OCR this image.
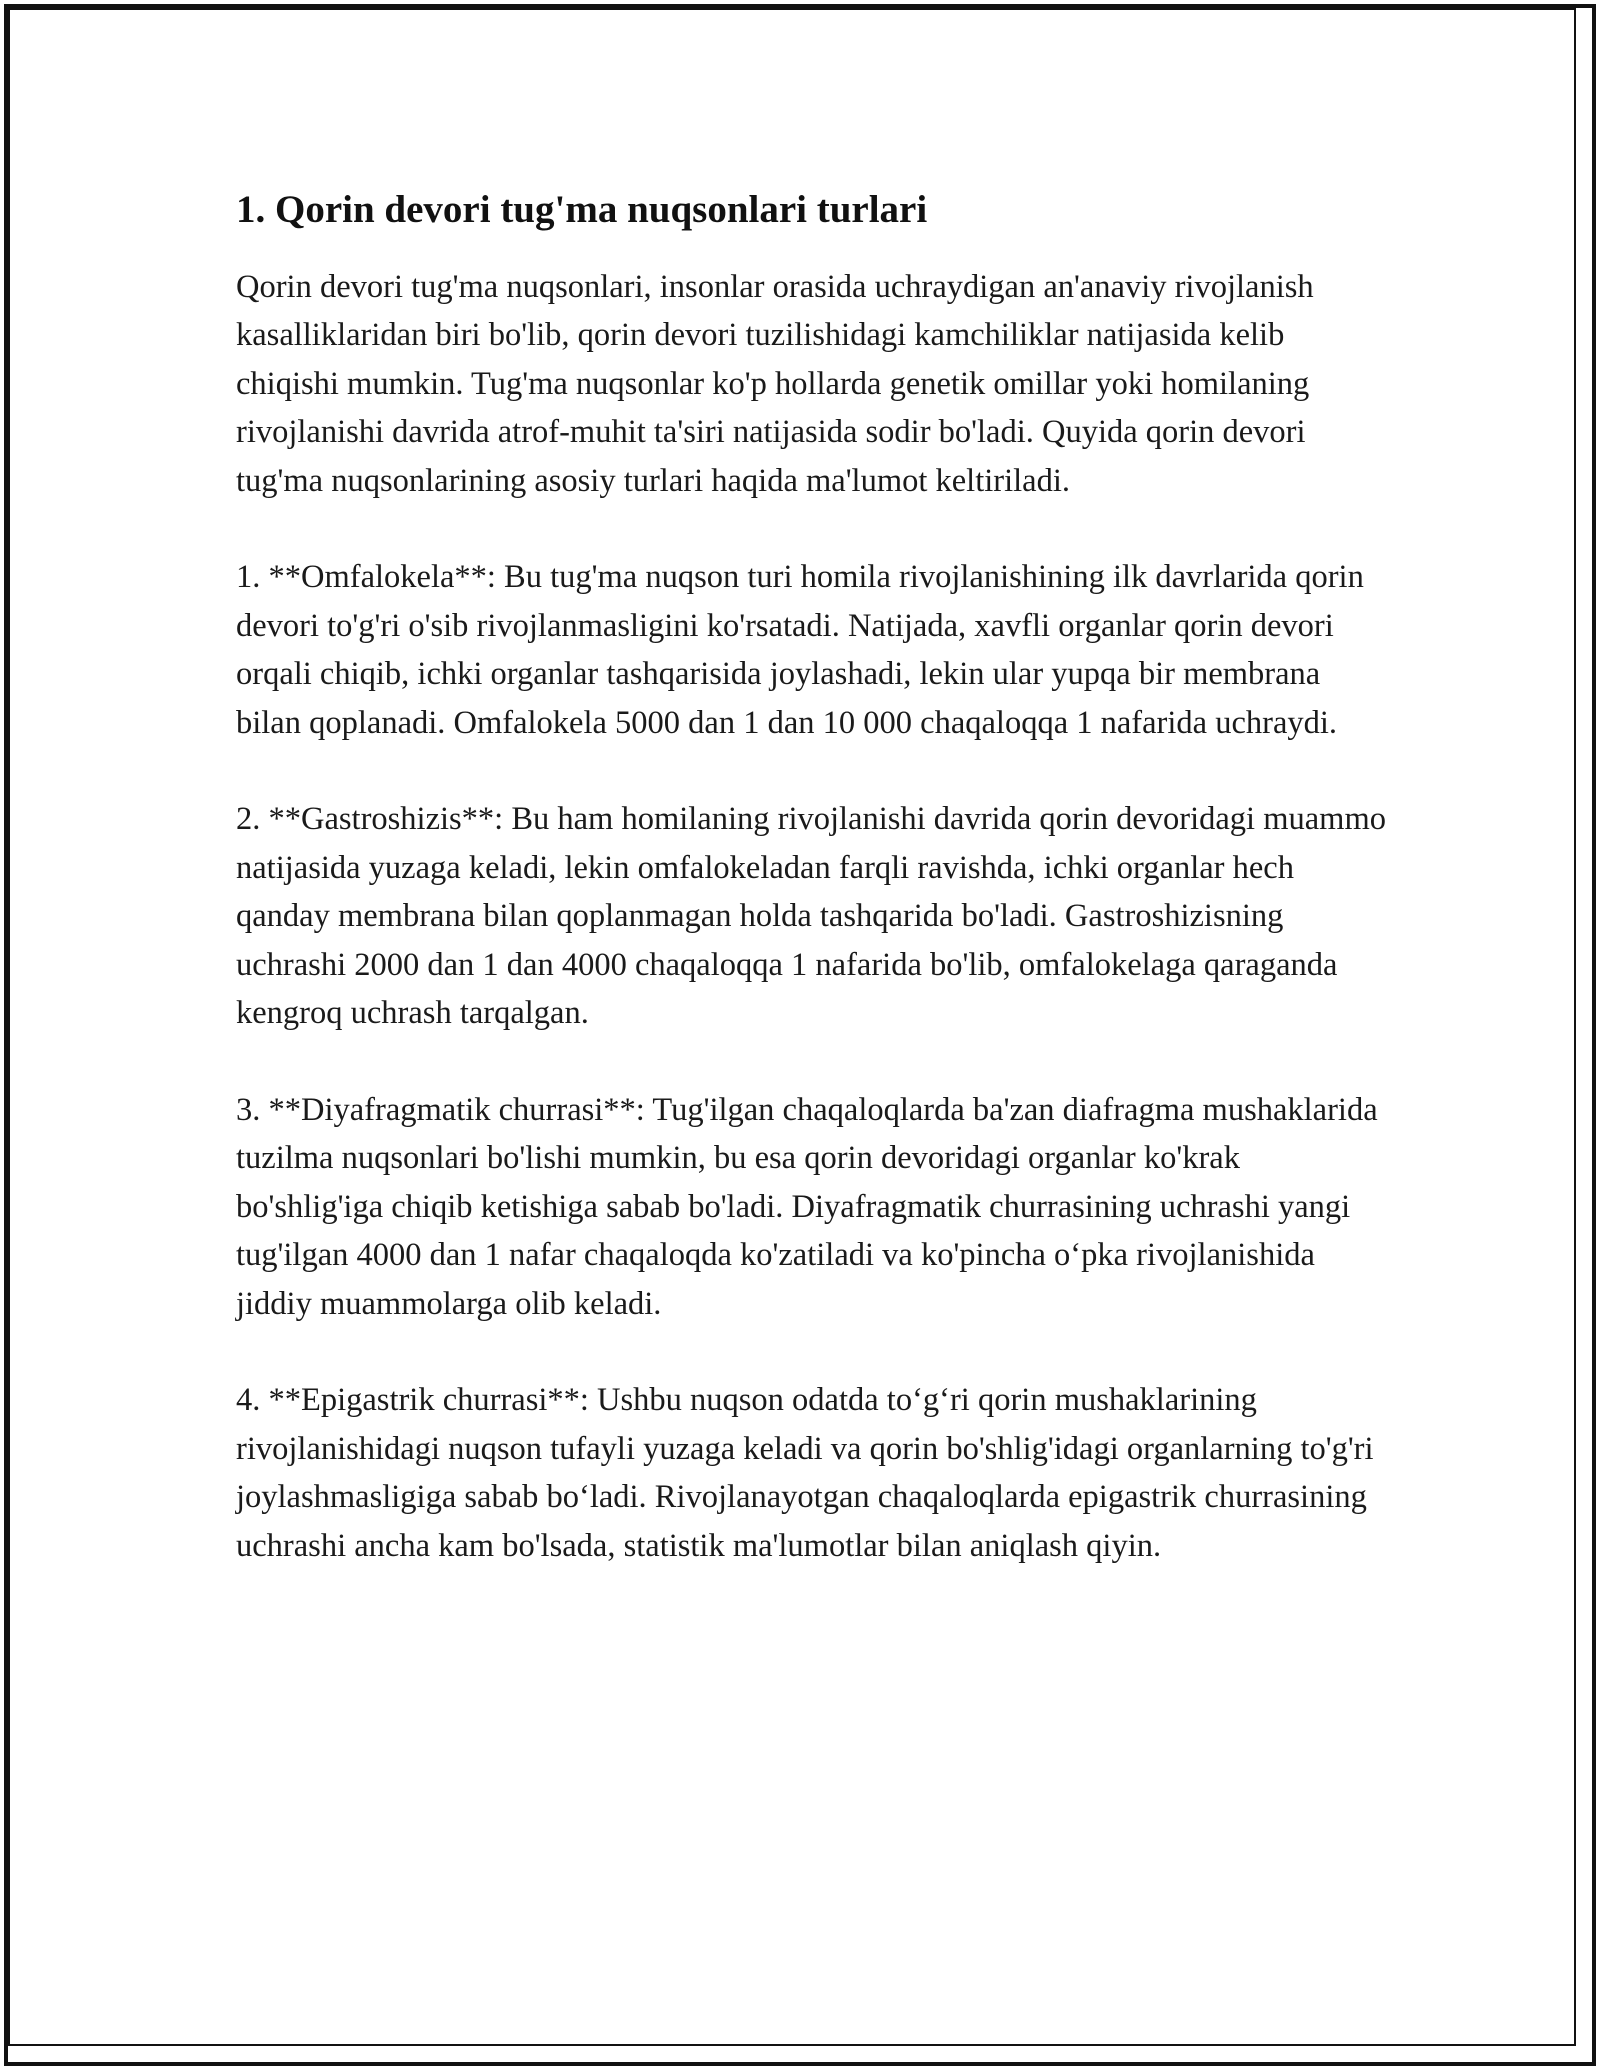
1. Qorin devori tug'ma nuqsonlari turlari

Qorin devori tug'ma nuqsonlari, insonlar orasida uchraydigan an'anaviy rivojlanish kasalliklaridan biri bo'lib, qorin devori tuzilishidagi kamchiliklar natijasida kelib chiqishi mumkin. Tug'ma nuqsonlar ko'p hollarda genetik omillar yoki homilaning rivojlanishi davrida atrof-muhit ta'siri natijasida sodir bo'ladi. Quyida qorin devori tug'ma nuqsonlarining asosiy turlari haqida ma'lumot keltiriladi.

1. **Omfalokela**: Bu tug'ma nuqson turi homila rivojlanishining ilk davrlarida qorin devori to'g'ri o'sib rivojlanmasligini ko'rsatadi. Natijada, xavfli organlar qorin devori orqali chiqib, ichki organlar tashqarisida joylashadi, lekin ular yupqa bir membrana bilan qoplanadi. Omfalokela 5000 dan 1 dan 10 000 chaqaloqqa 1 nafarida uchraydi.

2. **Gastroshizis**: Bu ham homilaning rivojlanishi davrida qorin devoridagi muammo natijasida yuzaga keladi, lekin omfalokeladan farqli ravishda, ichki organlar hech qanday membrana bilan qoplanmagan holda tashqarida bo'ladi. Gastroshizisning uchrashi 2000 dan 1 dan 4000 chaqaloqqa 1 nafarida bo'lib, omfalokelaga qaraganda kengroq uchrash tarqalgan.

3. **Diyafragmatik churrasi**: Tug'ilgan chaqaloqlarda ba'zan diafragma mushaklarida tuzilma nuqsonlari bo'lishi mumkin, bu esa qorin devoridagi organlar ko'krak bo'shlig'iga chiqib ketishiga sabab bo'ladi. Diyafragmatik churrasining uchrashi yangi tug'ilgan 4000 dan 1 nafar chaqaloqda ko'zatiladi va ko'pincha o‘pka rivojlanishida jiddiy muammolarga olib keladi.

4. **Epigastrik churrasi**: Ushbu nuqson odatda to‘g‘ri qorin mushaklarining rivojlanishidagi nuqson tufayli yuzaga keladi va qorin bo'shlig'idagi organlarning to'g'ri joylashmasligiga sabab bo‘ladi. Rivojlanayotgan chaqaloqlarda epigastrik churrasining uchrashi ancha kam bo'lsada, statistik ma'lumotlar bilan aniqlash qiyin.
